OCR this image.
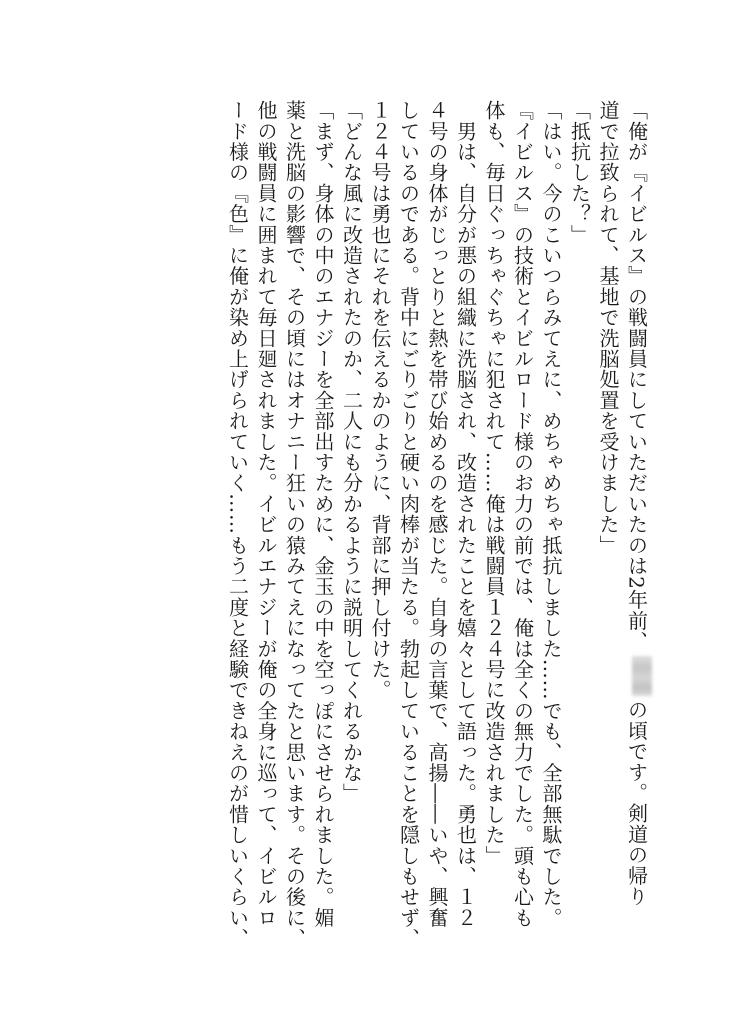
「俺が『イビルス』の戦闘員にしていただいたのは2年前、の頃です。剣道の帰り

道で拉致られて、基地で洗脳処置を受けました」

「抵抗した？」

「はい。今のこいつらみてえに、めちゃめちゃ抵抗しました……でも、全部無駄でした。

『イビルス』の技術とイビルロード様のお力の前では、俺は全くの無力でした。頭も心も

体も、毎日ぐっちゃぐちゃに犯されて……俺は戦闘員１２４号に改造されました」

　男は、自分が悪の組織に洗脳され、改造されたことを嬉々として語った。勇也は、１２

４号の身体がじっとりと熱を帯び始めるのを感じた。自身の言葉で、高揚――いや、興奮

しているのである。背中にごりごりと硬い肉棒が当たる。勃起していることを隠しもせず、

１２４号は勇也にそれを伝えるかのように、背部に押し付けた。

「どんな風に改造されたのか、二人にも分かるように説明してくれるかな」

「まず、身体の中のエナジーを全部出すために、金玉の中を空っぽにさせられました。媚

薬と洗脳の影響で、その頃にはオナニー狂いの猿みてえになってたと思います。その後に、

他の戦闘員に囲まれて毎日廻されました。イビルエナジーが俺の全身に巡って、イビルロ

ード様の『色』に俺が染め上げられていく……もう二度と経験できねえのが惜しいくらい、
